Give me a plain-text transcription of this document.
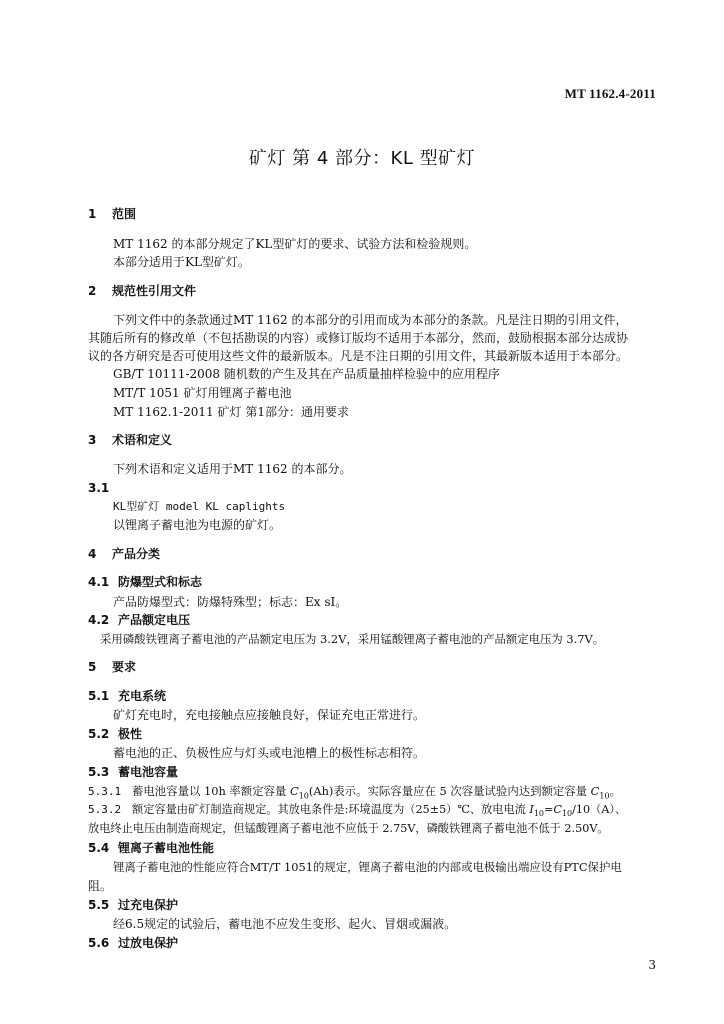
MT 1162.4-2011
矿灯 第 4 部分：KL 型矿灯
1 范围
MT 1162 的本部分规定了KL型矿灯的要求、试验方法和检验规则。
本部分适用于KL型矿灯。
2 规范性引用文件
下列文件中的条款通过MT 1162 的本部分的引用而成为本部分的条款。凡是注日期的引用文件，
其随后所有的修改单（不包括勘误的内容）或修订版均不适用于本部分，然而，鼓励根据本部分达成协
议的各方研究是否可使用这些文件的最新版本。凡是不注日期的引用文件，其最新版本适用于本部分。
GB/T 10111-2008 随机数的产生及其在产品质量抽样检验中的应用程序
MT/T 1051 矿灯用锂离子蓄电池
MT 1162.1-2011 矿灯 第1部分：通用要求
3 术语和定义
下列术语和定义适用于MT 1162 的本部分。
3.1
KL型矿灯 model KL caplights
以锂离子蓄电池为电源的矿灯。
4 产品分类
4.1 防爆型式和标志
产品防爆型式：防爆特殊型；标志：Ex sI。
4.2 产品额定电压
采用磷酸铁锂离子蓄电池的产品额定电压为 3.2V，采用锰酸锂离子蓄电池的产品额定电压为 3.7V。
5 要求
5.1 充电系统
矿灯充电时，充电接触点应接触良好，保证充电正常进行。
5.2 极性
蓄电池的正、负极性应与灯头或电池槽上的极性标志相符。
5.3 蓄电池容量
5.3.1 蓄电池容量以 10h 率额定容量 $C_{10}(Ah)$表示。实际容量应在 5 次容量试验内达到额定容量 $C_{10}$。
5.3.2 额定容量由矿灯制造商规定。其放电条件是:环境温度为（25±5）℃、放电电流 $I_{10}=C_{10}/10(A)$、
放电终止电压由制造商规定，但锰酸锂离子蓄电池不应低于 2.75V，磷酸铁锂离子蓄电池不低于 2.50V。
5.4 锂离子蓄电池性能
锂离子蓄电池的性能应符合MT/T 1051的规定，锂离子蓄电池的内部或电极输出端应设有PTC保护电
阻。
5.5 过充电保护
经6.5规定的试验后，蓄电池不应发生变形、起火、冒烟或漏液。
5.6 过放电保护
3
